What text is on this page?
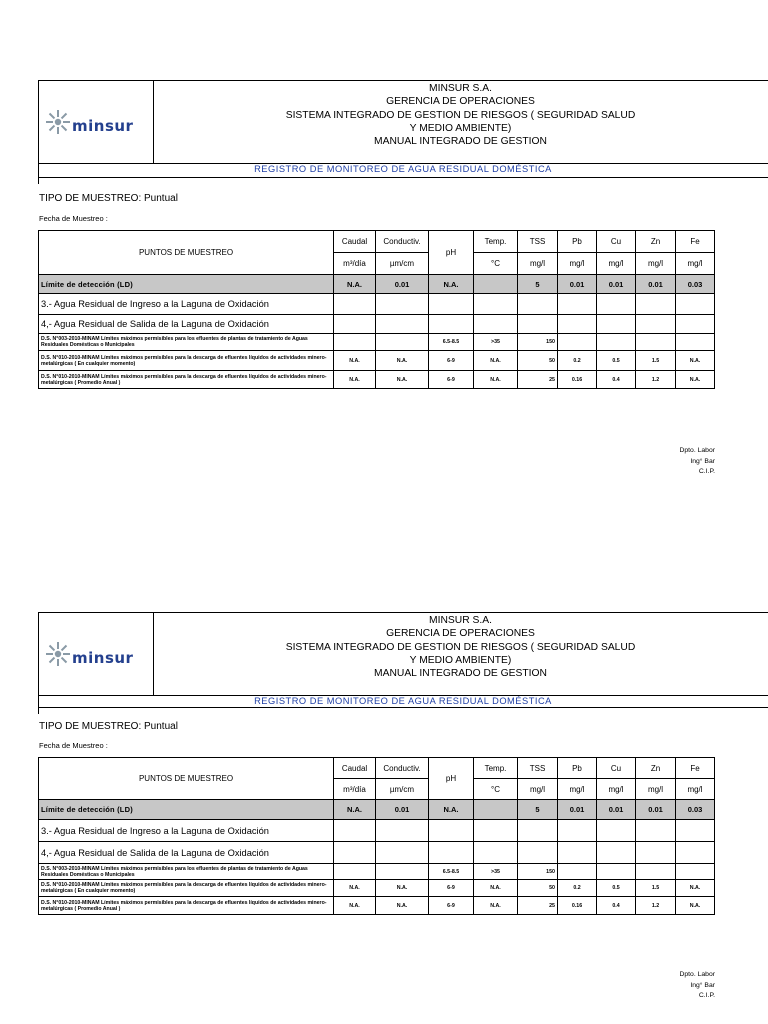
minsur
MINSUR S.A.
GERENCIA DE OPERACIONES
SISTEMA INTEGRADO DE GESTION DE RIESGOS ( SEGURIDAD SALUD
Y MEDIO AMBIENTE)
MANUAL INTEGRADO DE GESTION
REGISTRO DE MONITOREO DE AGUA RESIDUAL DOMÉSTICA
TIPO DE MUESTREO: Puntual
Fecha de Muestreo :
PUNTOS DE MUESTREO	Caudal	Conductiv.	pH	Temp.	TSS	Pb	Cu	Zn	Fe
	m³/día	µm/cm		°C	mg/l	mg/l	mg/l	mg/l	mg/l
Límite de detección (LD)	N.A.	0.01	N.A.		5	0.01	0.01	0.01	0.03
3.- Agua Residual de Ingreso a la Laguna de Oxidación									
4,- Agua Residual de Salida de la Laguna de Oxidación									
D.S. N°003-2010-MINAM Límites máximos permisibles para los efluentes de plantas de tratamiento de Aguas Residuales Domésticas o Municipales			6.5-8.5	>35	150				
D.S. N°010-2010-MINAM Límites máximos permisibles para la descarga de efluentes líquidos de actividades minero-metalúrgicas ( En cualquier momento)	N.A.	N.A.	6-9	N.A.	50	0.2	0.5	1.5	N.A.
D.S. N°010-2010-MINAM Límites máximos permisibles para la descarga de efluentes líquidos de actividades minero-metalúrgicas ( Promedio Anual )	N.A.	N.A.	6-9	N.A.	25	0.16	0.4	1.2	N.A.
Dpto. Labor
Ing° Bar
C.I.P.
minsur
MINSUR S.A.
GERENCIA DE OPERACIONES
SISTEMA INTEGRADO DE GESTION DE RIESGOS ( SEGURIDAD SALUD
Y MEDIO AMBIENTE)
MANUAL INTEGRADO DE GESTION
REGISTRO DE MONITOREO DE AGUA RESIDUAL DOMÉSTICA
TIPO DE MUESTREO: Puntual
Fecha de Muestreo :
PUNTOS DE MUESTREO	Caudal	Conductiv.	pH	Temp.	TSS	Pb	Cu	Zn	Fe
	m³/día	µm/cm		°C	mg/l	mg/l	mg/l	mg/l	mg/l
Límite de detección (LD)	N.A.	0.01	N.A.		5	0.01	0.01	0.01	0.03
3.- Agua Residual de Ingreso a la Laguna de Oxidación									
4,- Agua Residual de Salida de la Laguna de Oxidación									
D.S. N°003-2010-MINAM Límites máximos permisibles para los efluentes de plantas de tratamiento de Aguas Residuales Domésticas o Municipales			6.5-8.5	>35	150				
D.S. N°010-2010-MINAM Límites máximos permisibles para la descarga de efluentes líquidos de actividades minero-metalúrgicas ( En cualquier momento)	N.A.	N.A.	6-9	N.A.	50	0.2	0.5	1.5	N.A.
D.S. N°010-2010-MINAM Límites máximos permisibles para la descarga de efluentes líquidos de actividades minero-metalúrgicas ( Promedio Anual )	N.A.	N.A.	6-9	N.A.	25	0.16	0.4	1.2	N.A.
Dpto. Labor
Ing° Bar
C.I.P.
